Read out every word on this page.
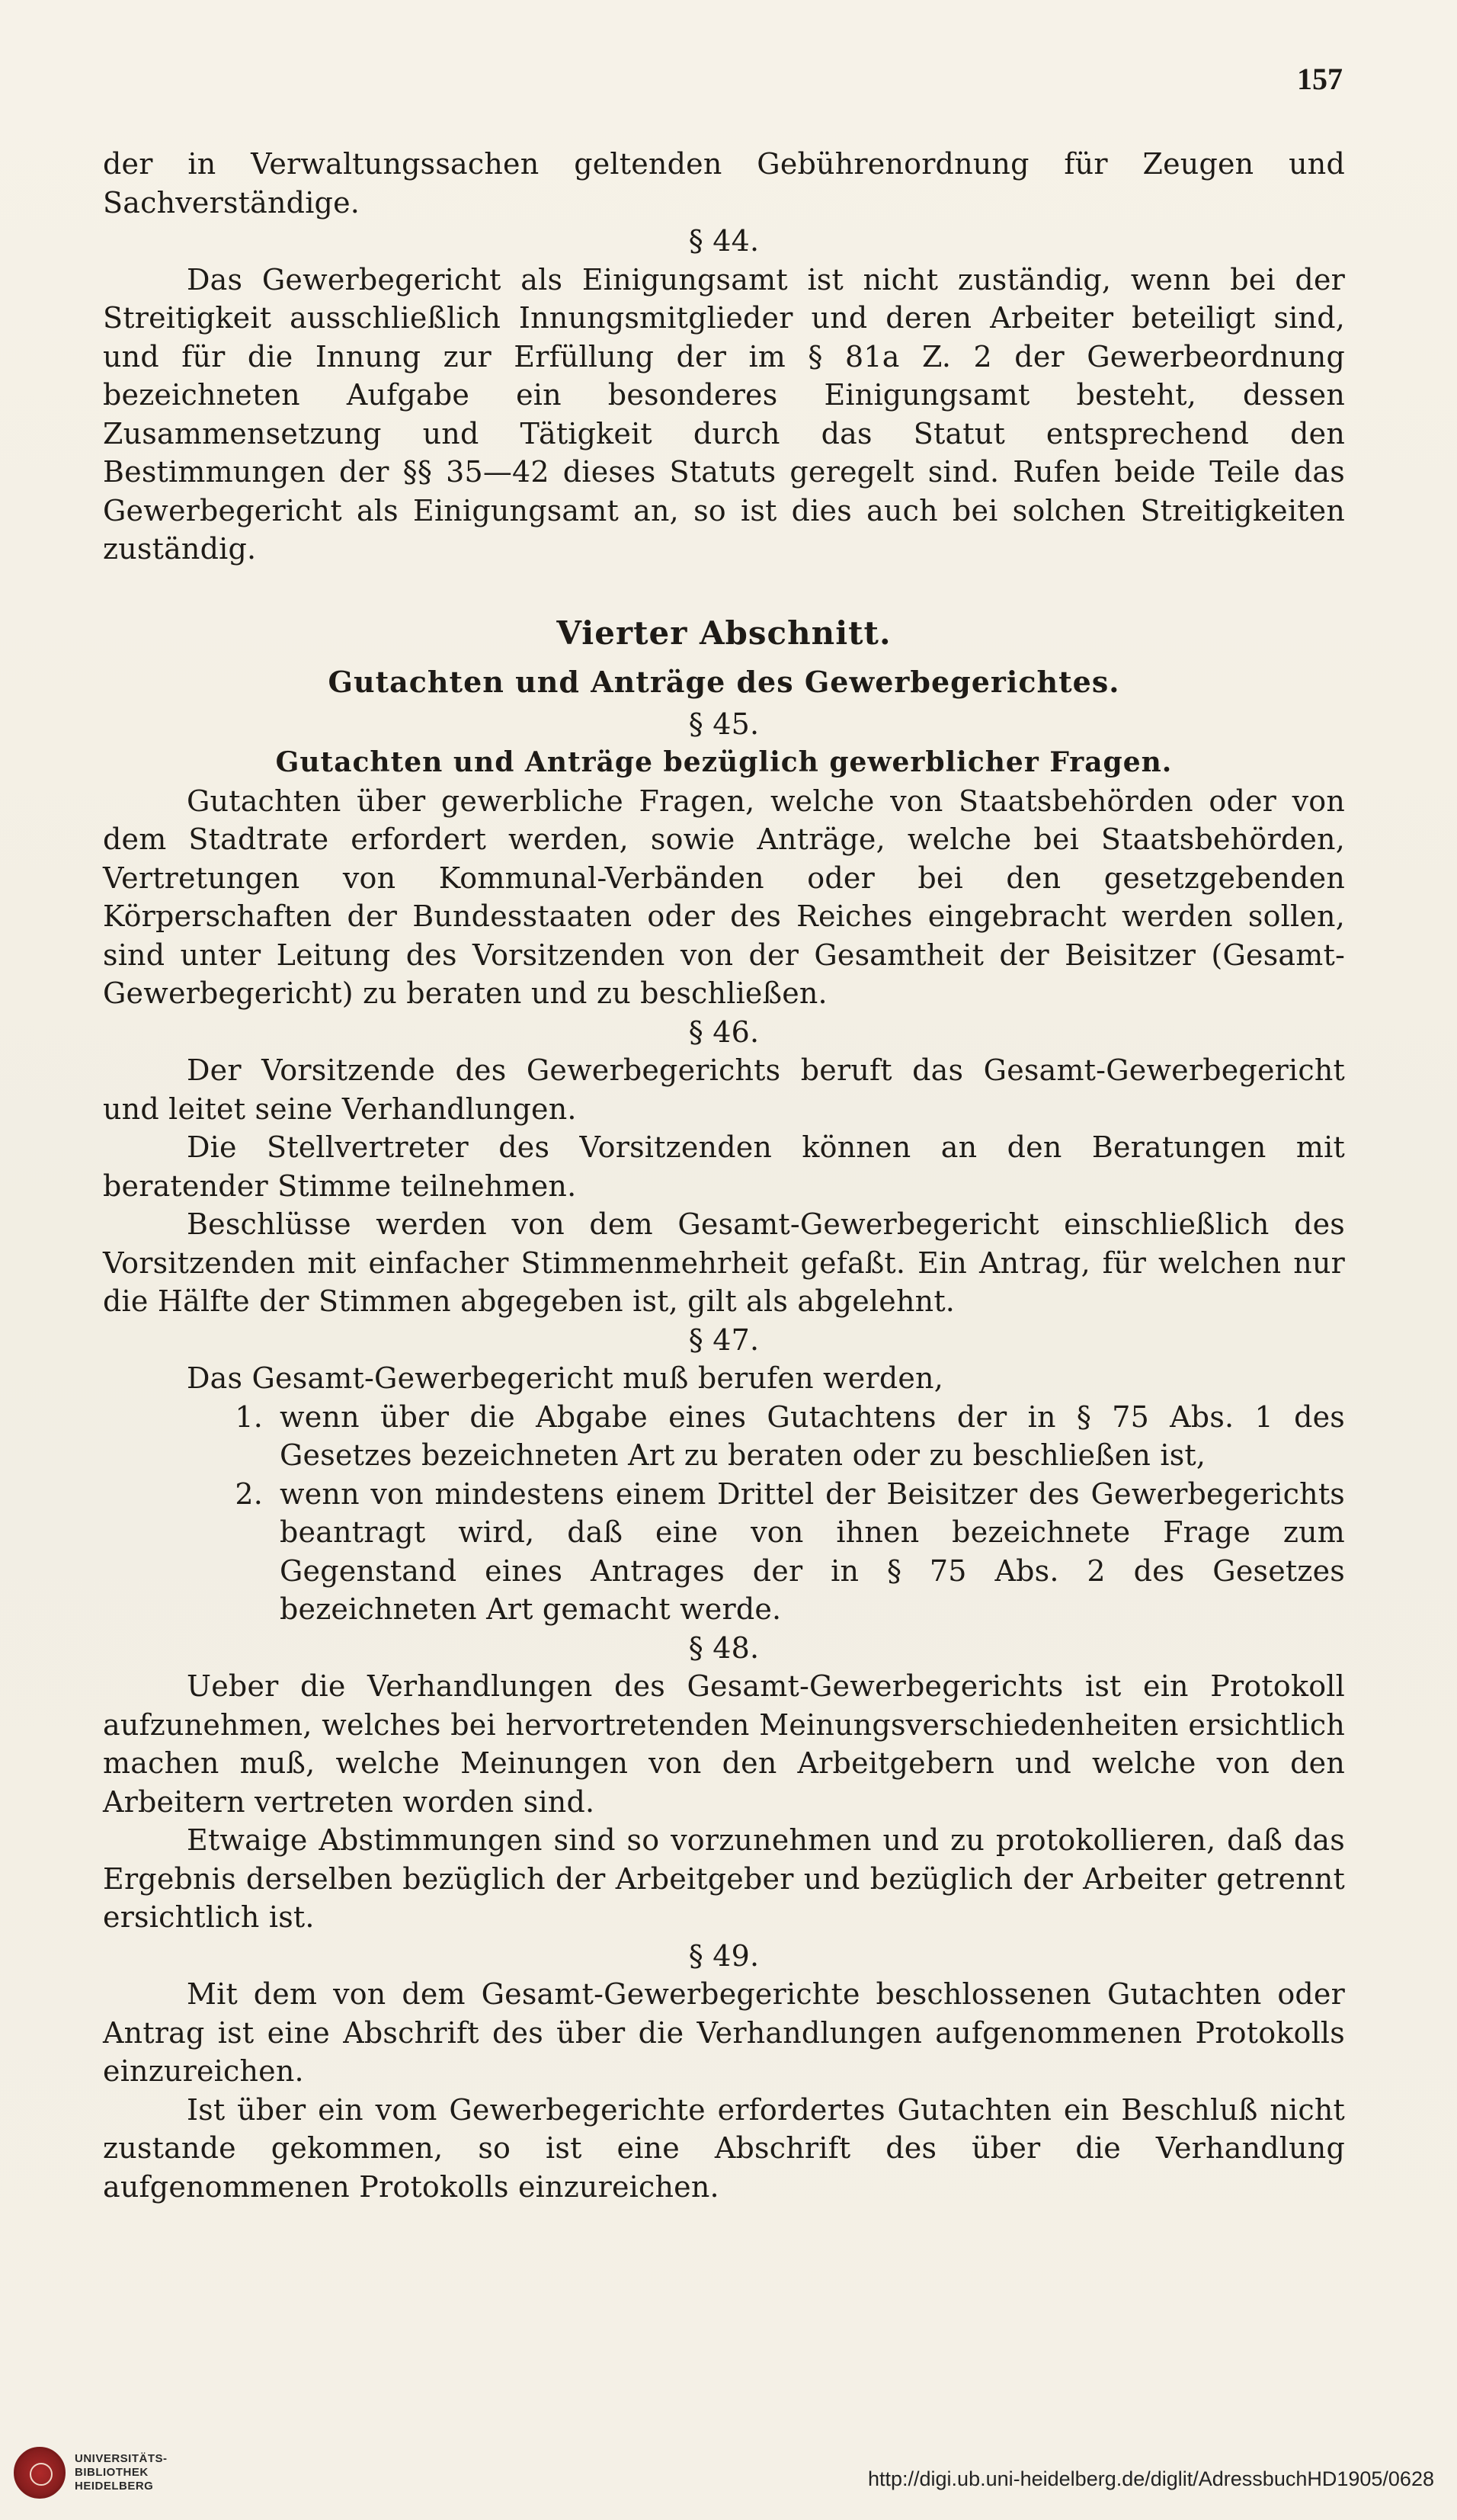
157

der in Verwaltungssachen geltenden Gebührenordnung für Zeugen und Sachverständige.

§ 44.

Das Gewerbegericht als Einigungsamt ist nicht zuständig, wenn bei der Streitigkeit ausschließlich Innungsmitglieder und deren Arbeiter beteiligt sind, und für die Innung zur Erfüllung der im § 81a Z. 2 der Gewerbeordnung bezeichneten Aufgabe ein besonderes Einigungsamt besteht, dessen Zusammensetzung und Tätigkeit durch das Statut entsprechend den Bestimmungen der §§ 35—42 dieses Statuts geregelt sind. Rufen beide Teile das Gewerbegericht als Einigungsamt an, so ist dies auch bei solchen Streitigkeiten zuständig.

Vierter Abschnitt.
Gutachten und Anträge des Gewerbegerichtes.

§ 45.

Gutachten und Anträge bezüglich gewerblicher Fragen.

Gutachten über gewerbliche Fragen, welche von Staatsbehörden oder von dem Stadtrate erfordert werden, sowie Anträge, welche bei Staatsbehörden, Vertretungen von Kommunal-Verbänden oder bei den gesetzgebenden Körperschaften der Bundesstaaten oder des Reiches eingebracht werden sollen, sind unter Leitung des Vorsitzenden von der Gesamtheit der Beisitzer (Gesamt-Gewerbegericht) zu beraten und zu beschließen.

§ 46.

Der Vorsitzende des Gewerbegerichts beruft das Gesamt-Gewerbegericht und leitet seine Verhandlungen.

Die Stellvertreter des Vorsitzenden können an den Beratungen mit beratender Stimme teilnehmen.

Beschlüsse werden von dem Gesamt-Gewerbegericht einschließlich des Vorsitzenden mit einfacher Stimmenmehrheit gefaßt. Ein Antrag, für welchen nur die Hälfte der Stimmen abgegeben ist, gilt als abgelehnt.

§ 47.

Das Gesamt-Gewerbegericht muß berufen werden,

1. wenn über die Abgabe eines Gutachtens der in § 75 Abs. 1 des Gesetzes bezeichneten Art zu beraten oder zu beschließen ist,
2. wenn von mindestens einem Drittel der Beisitzer des Gewerbegerichts beantragt wird, daß eine von ihnen bezeichnete Frage zum Gegenstand eines Antrages der in § 75 Abs. 2 des Gesetzes bezeichneten Art gemacht werde.

§ 48.

Ueber die Verhandlungen des Gesamt-Gewerbegerichts ist ein Protokoll aufzunehmen, welches bei hervortretenden Meinungsverschiedenheiten ersichtlich machen muß, welche Meinungen von den Arbeitgebern und welche von den Arbeitern vertreten worden sind.

Etwaige Abstimmungen sind so vorzunehmen und zu protokollieren, daß das Ergebnis derselben bezüglich der Arbeitgeber und bezüglich der Arbeiter getrennt ersichtlich ist.

§ 49.

Mit dem von dem Gesamt-Gewerbegerichte beschlossenen Gutachten oder Antrag ist eine Abschrift des über die Verhandlungen aufgenommenen Protokolls einzureichen.

Ist über ein vom Gewerbegerichte erfordertes Gutachten ein Beschluß nicht zustande gekommen, so ist eine Abschrift des über die Verhandlung aufgenommenen Protokolls einzureichen.

UNIVERSITÄTS-
BIBLIOTHEK
HEIDELBERG	http://digi.ub.uni-heidelberg.de/diglit/AdressbuchHD1905/0628
